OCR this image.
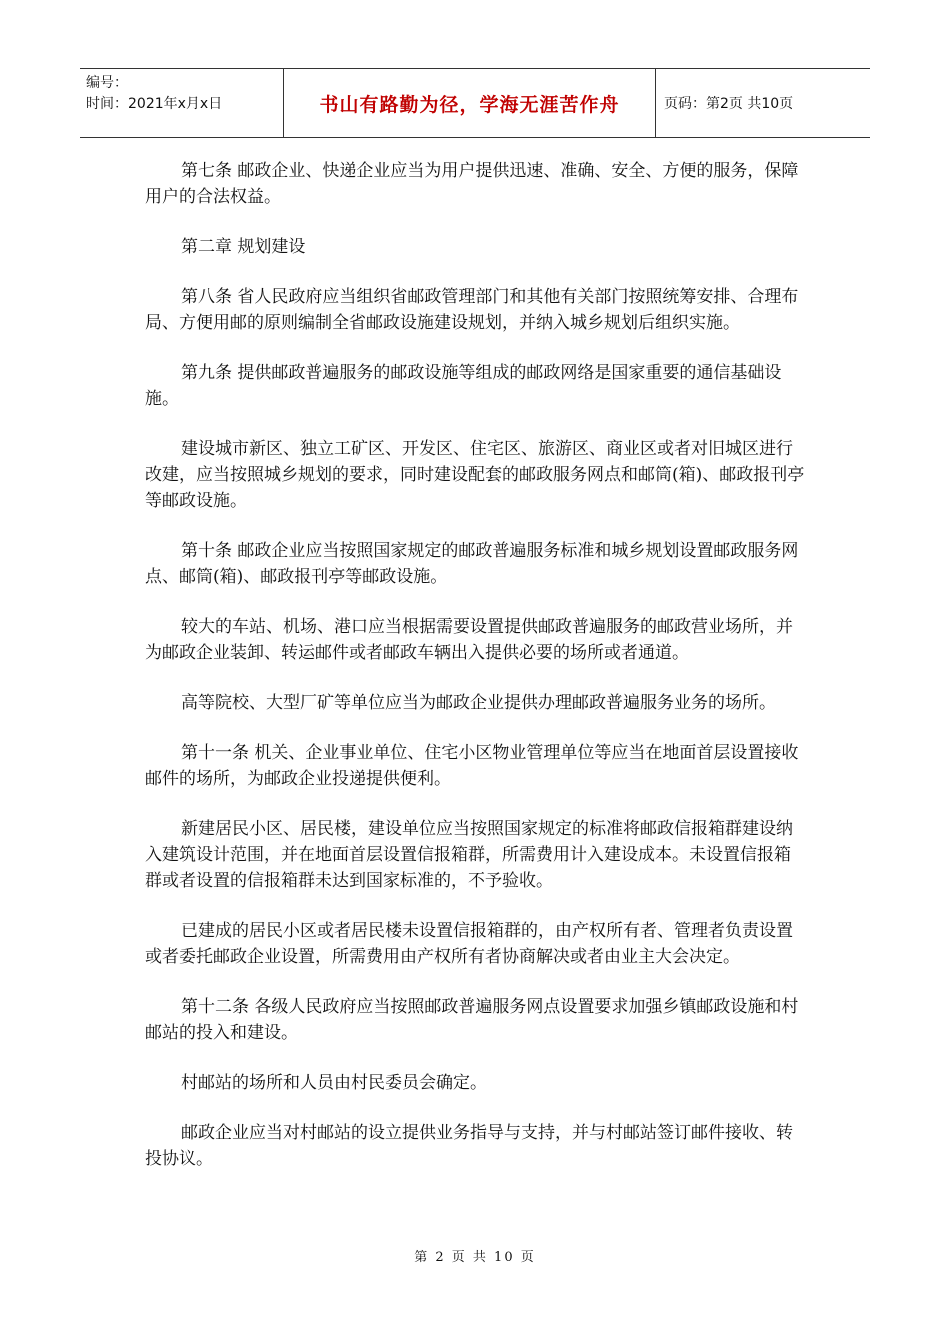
编号：
时间：2021年x月x日	书山有路勤为径，学海无涯苦作舟	页码：第2页 共10页

第七条 邮政企业、快递企业应当为用户提供迅速、准确、安全、方便的服务，保障用户的合法权益。

第二章 规划建设

第八条 省人民政府应当组织省邮政管理部门和其他有关部门按照统筹安排、合理布局、方便用邮的原则编制全省邮政设施建设规划，并纳入城乡规划后组织实施。

第九条 提供邮政普遍服务的邮政设施等组成的邮政网络是国家重要的通信基础设施。

建设城市新区、独立工矿区、开发区、住宅区、旅游区、商业区或者对旧城区进行改建，应当按照城乡规划的要求，同时建设配套的邮政服务网点和邮筒(箱)、邮政报刊亭等邮政设施。

第十条 邮政企业应当按照国家规定的邮政普遍服务标准和城乡规划设置邮政服务网点、邮筒(箱)、邮政报刊亭等邮政设施。

较大的车站、机场、港口应当根据需要设置提供邮政普遍服务的邮政营业场所，并为邮政企业装卸、转运邮件或者邮政车辆出入提供必要的场所或者通道。

高等院校、大型厂矿等单位应当为邮政企业提供办理邮政普遍服务业务的场所。

第十一条 机关、企业事业单位、住宅小区物业管理单位等应当在地面首层设置接收邮件的场所，为邮政企业投递提供便利。

新建居民小区、居民楼，建设单位应当按照国家规定的标准将邮政信报箱群建设纳入建筑设计范围，并在地面首层设置信报箱群，所需费用计入建设成本。未设置信报箱群或者设置的信报箱群未达到国家标准的，不予验收。

已建成的居民小区或者居民楼未设置信报箱群的，由产权所有者、管理者负责设置或者委托邮政企业设置，所需费用由产权所有者协商解决或者由业主大会决定。

第十二条 各级人民政府应当按照邮政普遍服务网点设置要求加强乡镇邮政设施和村邮站的投入和建设。

村邮站的场所和人员由村民委员会确定。

邮政企业应当对村邮站的设立提供业务指导与支持，并与村邮站签订邮件接收、转投协议。

第 2 页 共 10 页
